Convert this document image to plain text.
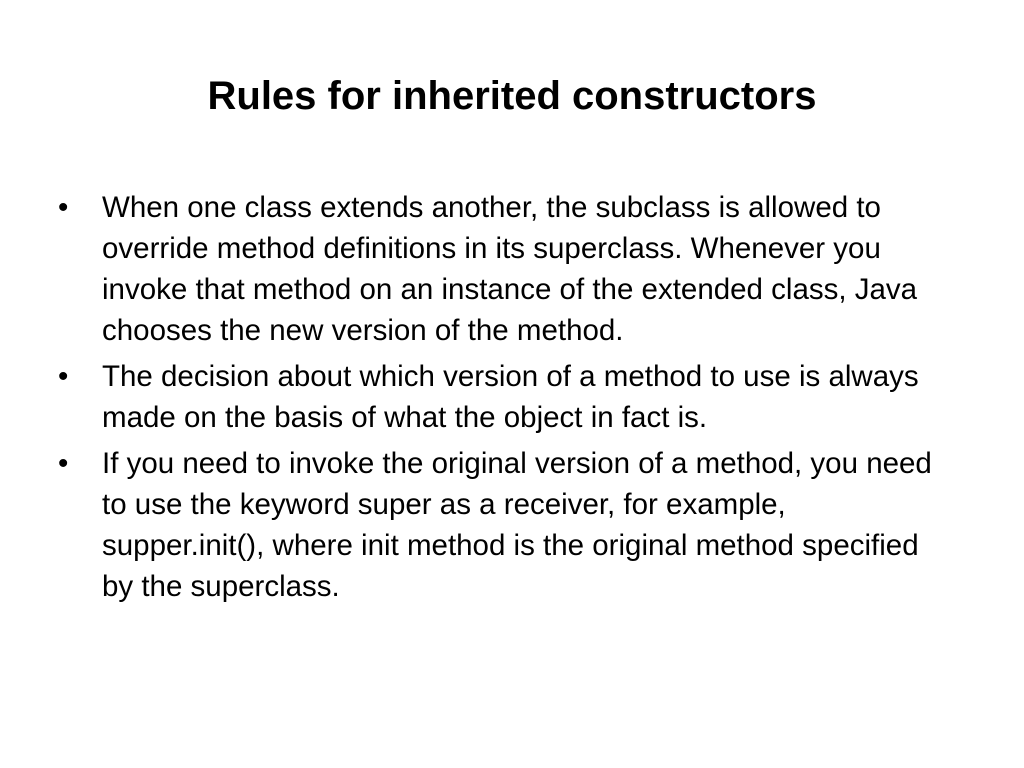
Rules for inherited constructors
•	When one class extends another, the subclass is allowed to override method definitions in its superclass. Whenever you invoke that method on an instance of the extended class, Java chooses the new version of the method.
•	The decision about which version of a method to use is always made on the basis of what the object in fact is.
•	If you need to invoke the original version of a method, you need to use the keyword super as a receiver, for example, supper.init(), where init method is the original method specified by the superclass.
